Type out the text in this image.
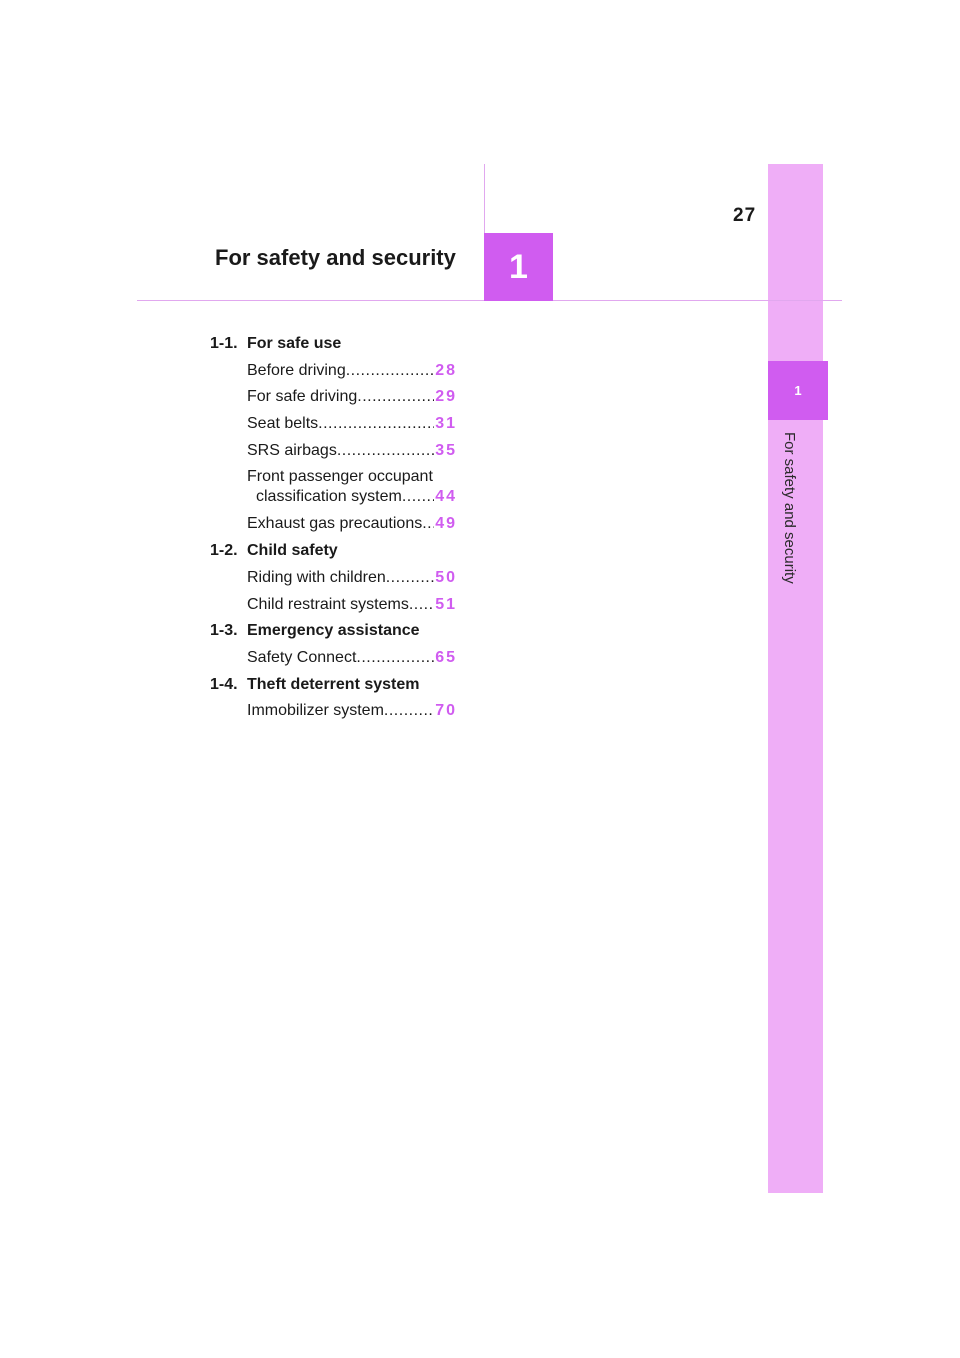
1
For safety and security
1
27
For safety and security
1-1. For safe use
Before driving .....	28
For safe driving .....	29
Seat belts .....	31
SRS airbags .....	35
Front passenger occupant
classification system ..... 44
Exhaust gas precautions ..... 49
1-2. Child safety
Riding with children .....	50
Child restraint systems ..... 51
1-3. Emergency assistance
Safety Connect .....	65
1-4. Theft deterrent system
Immobilizer system .....	70
